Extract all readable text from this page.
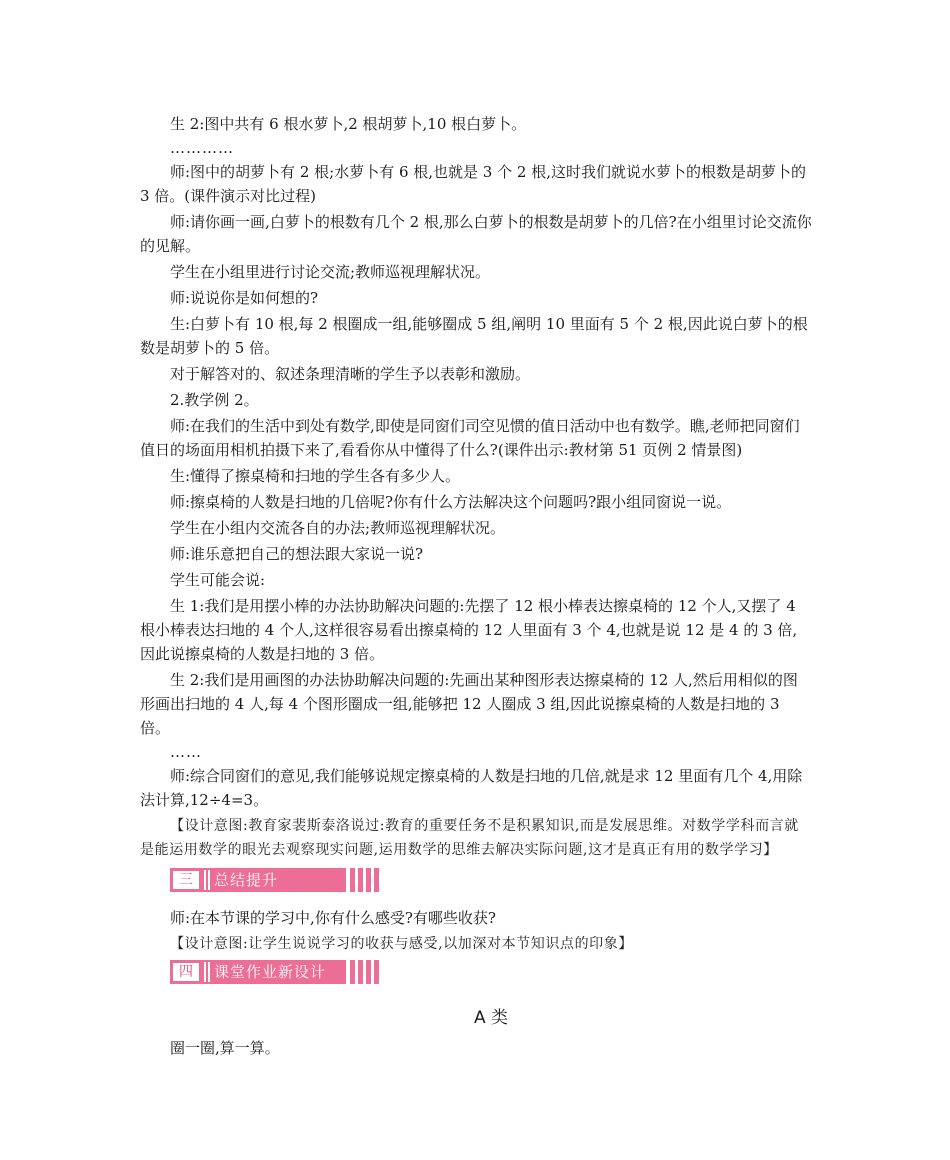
生 2:图中共有 6 根水萝卜,2 根胡萝卜,10 根白萝卜。

…………

师:图中的胡萝卜有 2 根;水萝卜有 6 根,也就是 3 个 2 根,这时我们就说水萝卜的根数是胡萝卜的 3 倍。(课件演示对比过程)

师:请你画一画,白萝卜的根数有几个 2 根,那么白萝卜的根数是胡萝卜的几倍?在小组里讨论交流你的见解。

学生在小组里进行讨论交流;教师巡视理解状况。

师:说说你是如何想的?

生:白萝卜有 10 根,每 2 根圈成一组,能够圈成 5 组,阐明 10 里面有 5 个 2 根,因此说白萝卜的根数是胡萝卜的 5 倍。

对于解答对的、叙述条理清晰的学生予以表彰和激励。

2.教学例 2。

师:在我们的生活中到处有数学,即使是同窗们司空见惯的值日活动中也有数学。瞧,老师把同窗们值日的场面用相机拍摄下来了,看看你从中懂得了什么?(课件出示:教材第 51 页例 2 情景图)

生:懂得了擦桌椅和扫地的学生各有多少人。

师:擦桌椅的人数是扫地的几倍呢?你有什么方法解决这个问题吗?跟小组同窗说一说。

学生在小组内交流各自的办法;教师巡视理解状况。

师:谁乐意把自己的想法跟大家说一说?

学生可能会说:

生 1:我们是用摆小棒的办法协助解决问题的:先摆了 12 根小棒表达擦桌椅的 12 个人,又摆了 4 根小棒表达扫地的 4 个人,这样很容易看出擦桌椅的 12 人里面有 3 个 4,也就是说 12 是 4 的 3 倍,因此说擦桌椅的人数是扫地的 3 倍。

生 2:我们是用画图的办法协助解决问题的:先画出某种图形表达擦桌椅的 12 人,然后用相似的图形画出扫地的 4 人,每 4 个图形圈成一组,能够把 12 人圈成 3 组,因此说擦桌椅的人数是扫地的 3 倍。

……

师:综合同窗们的意见,我们能够说规定擦桌椅的人数是扫地的几倍,就是求 12 里面有几个 4,用除法计算,12÷4=3。

【设计意图:教育家裴斯泰洛说过:教育的重要任务不是积累知识,而是发展思维。对数学学科而言就是能运用数学的眼光去观察现实问题,运用数学的思维去解决实际问题,这才是真正有用的数学学习】

三	总结提升

师:在本节课的学习中,你有什么感受?有哪些收获?

【设计意图:让学生说说学习的收获与感受,以加深对本节知识点的印象】

四	课堂作业新设计
A 类

圈一圈,算一算。
